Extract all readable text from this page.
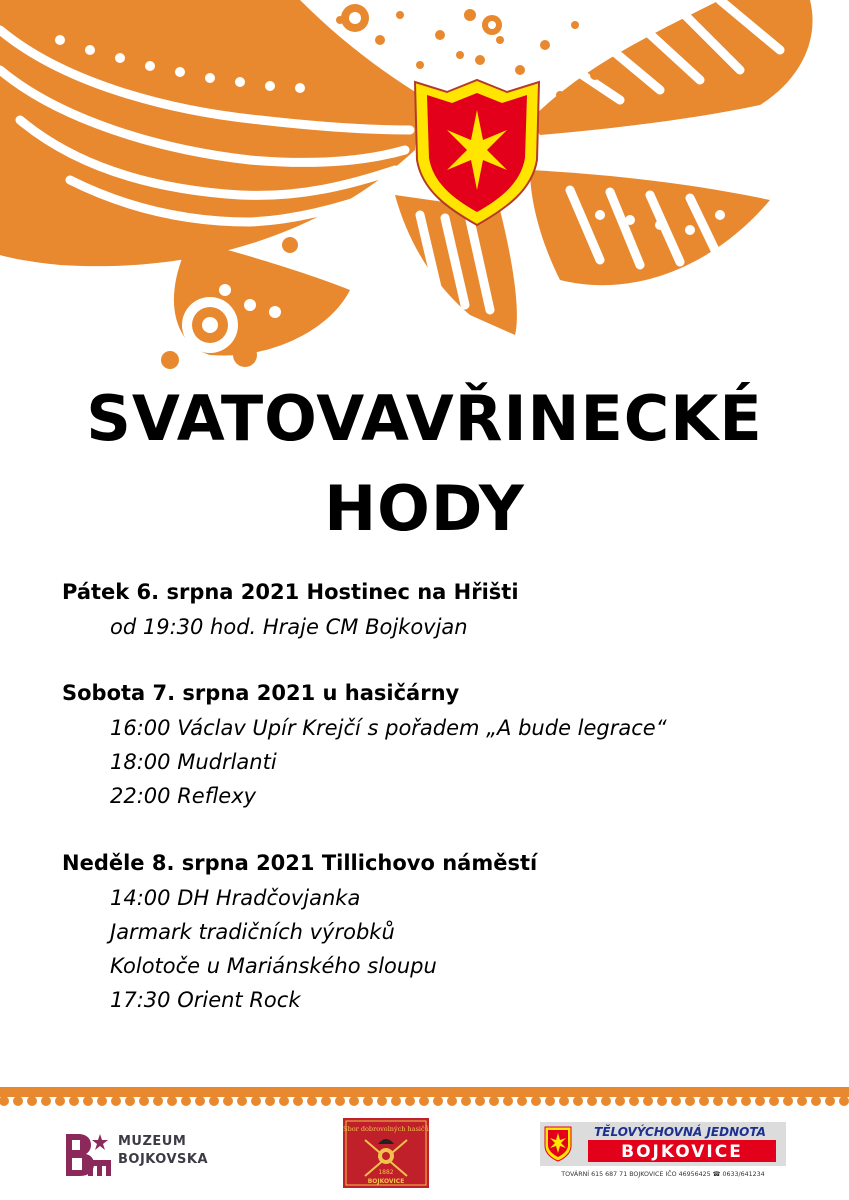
SVATOVAVŘINECKÉ
HODY
Pátek 6. srpna 2021 Hostinec na Hřišti
od 19:30 hod. Hraje CM Bojkovjan
Sobota 7. srpna 2021 u hasičárny
16:00 Václav Upír Krejčí s pořadem „A bude legrace“
18:00 Mudrlanti
22:00 Reflexy
Neděle 8. srpna 2021 Tillichovo náměstí
14:00 DH Hradčovjanka
Jarmark tradičních výrobků
Kolotoče u Mariánského sloupu
17:30 Orient Rock
MUZEUM
BOJKOVSKA
Sbor dobrovolných hasičů
1882
BOJKOVICE
TĚLOVÝCHOVNÁ JEDNOTA
BOJKOVICE
TOVÁRNÍ 615 687 71 BOJKOVICE IČO 46956425 ☎ 0633/641234
